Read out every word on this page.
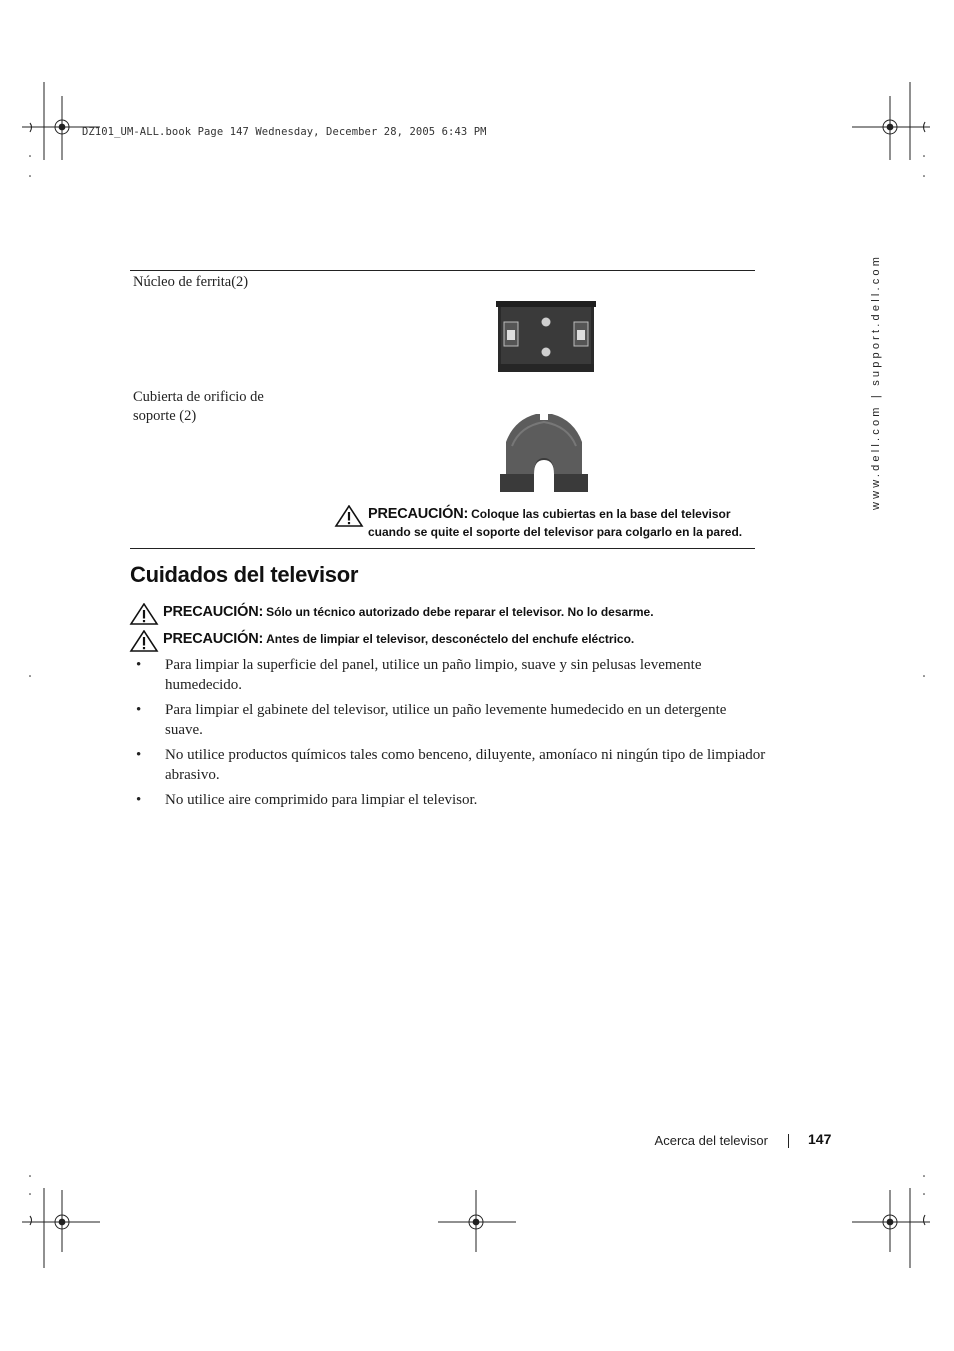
DZ101_UM-ALL.book Page 147 Wednesday, December 28, 2005 6:43 PM
www.dell.com | support.dell.com
Núcleo de ferrita(2)
Cubierta de orificio de
soporte (2)
PRECAUCIÓN: Coloque las cubiertas en la base del televisor
cuando se quite el soporte del televisor para colgarlo en la pared.
Cuidados del televisor
PRECAUCIÓN: Sólo un técnico autorizado debe reparar el televisor. No lo desarme.
PRECAUCIÓN: Antes de limpiar el televisor, desconéctelo del enchufe eléctrico.
• Para limpiar la superficie del panel, utilice un paño limpio, suave y sin pelusas levemente humedecido.
• Para limpiar el gabinete del televisor, utilice un paño levemente humedecido en un detergente suave.
• No utilice productos químicos tales como benceno, diluyente, amoníaco ni ningún tipo de limpiador abrasivo.
• No utilice aire comprimido para limpiar el televisor.
Acerca del televisor	147
